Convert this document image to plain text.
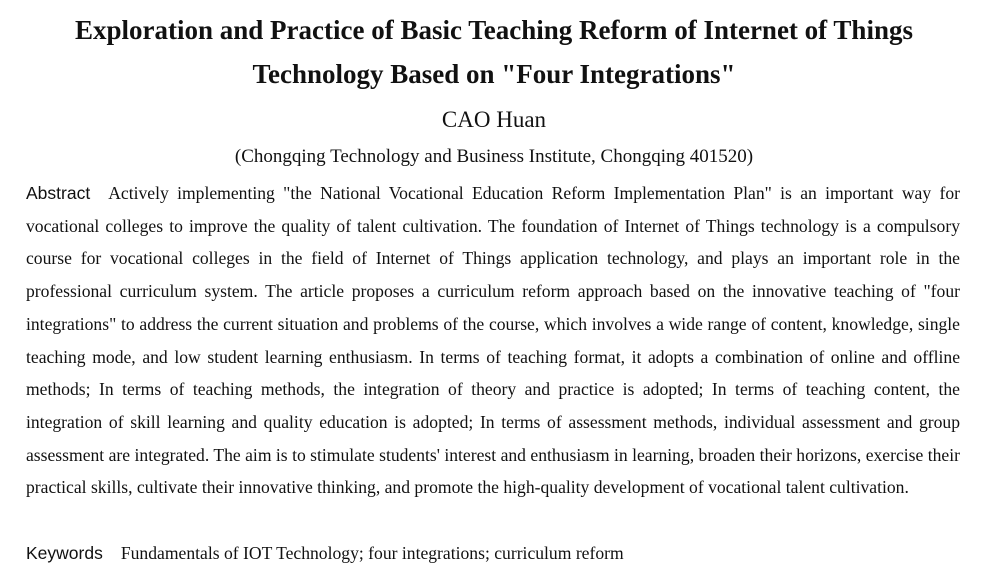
Exploration and Practice of Basic Teaching Reform of Internet of Things Technology Based on "Four Integrations"
CAO Huan
(Chongqing Technology and Business Institute, Chongqing 401520)

Abstract Actively implementing "the National Vocational Education Reform Implementation Plan" is an important way for vocational colleges to improve the quality of talent cultivation. The foundation of Internet of Things technology is a compulsory course for vocational colleges in the field of Internet of Things application technology, and plays an important role in the professional curriculum system. The article proposes a curriculum reform approach based on the innovative teaching of "four integrations" to address the current situation and problems of the course, which involves a wide range of content, knowledge, single teaching mode, and low student learning enthusiasm. In terms of teaching format, it adopts a combination of online and offline methods; In terms of teaching methods, the integration of theory and practice is adopted; In terms of teaching content, the integration of skill learning and quality education is adopted; In terms of assessment methods, individual assessment and group assessment are integrated. The aim is to stimulate students' interest and enthusiasm in learning, broaden their horizons, exercise their practical skills, cultivate their innovative thinking, and promote the high-quality development of vocational talent cultivation.

Keywords Fundamentals of IOT Technology; four integrations; curriculum reform
